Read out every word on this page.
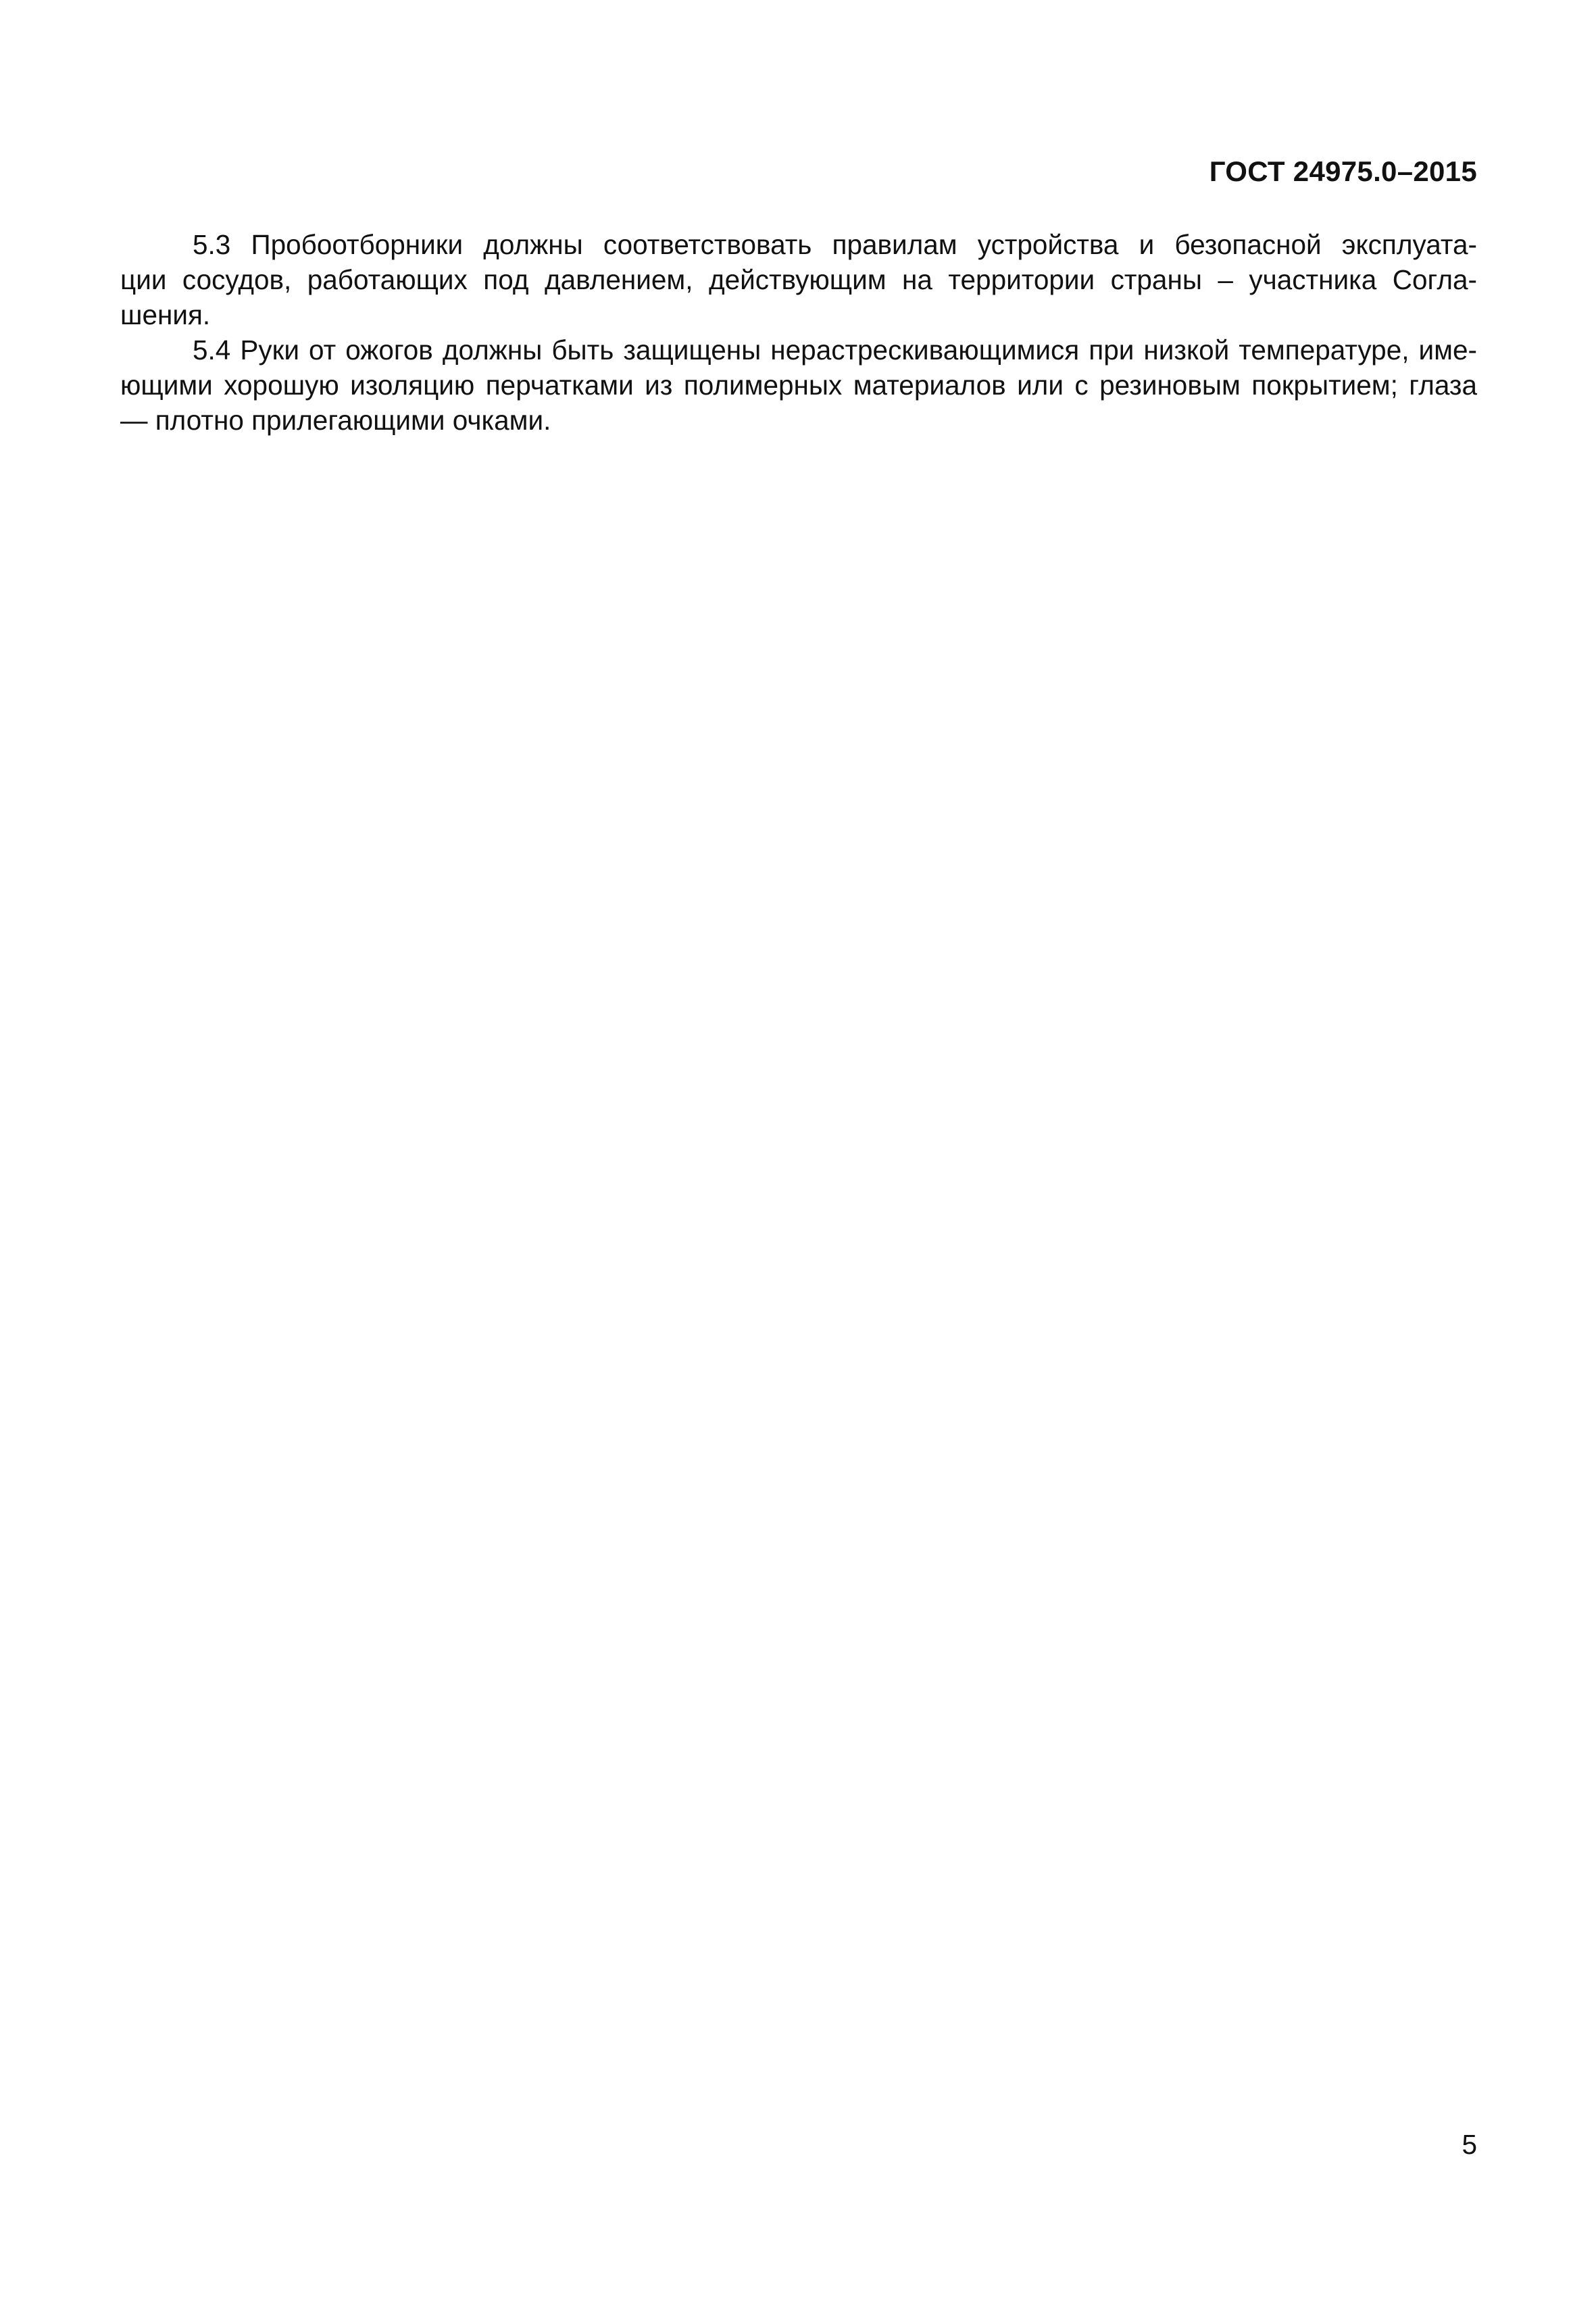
ГОСТ 24975.0–2015
5.3 Пробоотборники должны соответствовать правилам устройства и безопасной эксплуата-
ции сосудов, работающих под давлением, действующим на территории страны – участника Согла-
шения.
5.4 Руки от ожогов должны быть защищены нерастрескивающимися при низкой температуре, име-
ющими хорошую изоляцию перчатками из полимерных материалов или с резиновым покрытием; глаза
— плотно прилегающими очками.
5
